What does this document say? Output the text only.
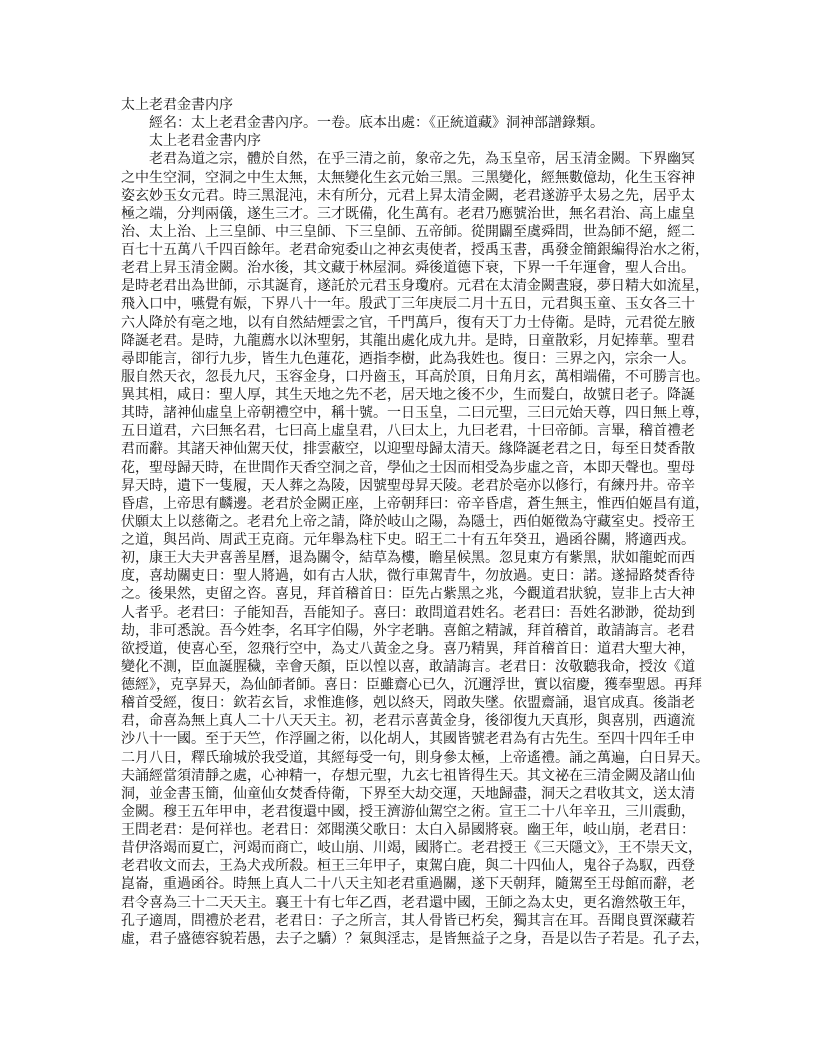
太上老君金書内序
經名：太上老君金書內序。一卷。底本出處：《正統道藏》洞神部譜錄類。
太上老君金書内序
老君為道之宗，體於自然，在乎三清之前，象帝之先，為玉皇帝，居玉清金闕。下界幽冥
之中生空洞，空洞之中生太無，太無變化生玄元始三黑。三黑變化，經無數億劫，化生玉容神
姿玄妙玉女元君。時三黑混沌，未有所分，元君上昇太清金闕，老君遂游乎太易之先，居乎太
極之端，分判兩儀，遂生三才。三才既備，化生萬有。老君乃應號治世，無名君治、高上虛皇
治、太上治、上三皇師、中三皇師、下三皇師、五帝師。從開闢至虞舜問，世為師不絕，經二
百七十五萬八千四百餘年。老君命宛委山之神玄夷使者，授禹玉書，禹發金簡銀編得治水之術，
老君上昇玉清金闕。治水後，其文藏于林屋洞。舜後道德下衰，下界一千年運會，聖人合出。
是時老君出為世師，示其誕育，遂託於元君玉身瓊府。元君在太清金闕晝寢，夢日精大如流星，
飛入口中，嚥覺有娠，下界八十一年。殷武丁三年庚辰二月十五日，元君與玉童、玉女各三十
六人降於有亳之地，以有自然結煙雲之官，千門萬戶，復有天丁力士侍衛。是時，元君從左腋
降誕老君。是時，九龍薦水以沐聖躬，其龍出處化成九井。是時，日童散彩，月妃捧華。聖君
尋即能言，卻行九步，皆生九色蓮花，迺指李樹，此為我姓也。復日：三界之內，宗余一人。
服自然天衣，忽長九尺，玉容金身，口丹齒玉，耳高於頂，日角月玄，萬相端備，不可勝言也。
異其相，咸日：聖人厚，其生天地之先不老，居天地之後不少，生而髮白，故號日老子。降誕
其時，諸神仙虛皇上帝朝禮空中，稱十號。一日玉皇，二曰元聖，三曰元始天尊，四日無上尊，
五日道君，六曰無名君，七曰高上虛皇君，八曰太上，九曰老君，十曰帝師。言畢，稽首禮老
君而辭。其諸天神仙駕天仗，排雲蔽空，以迎聖母歸太清天。緣降誕老君之日，每至日焚香散
花，聖母歸天時，在世間作天香空洞之音，學仙之士因而相受為步虛之音，本即天聲也。聖母
昇天時，遺下一隻履，天人葬之為陵，因號聖母昇天陵。老君於亳亦以修行，有練丹井。帝辛
昏虐，上帝思有麟邊。老君於金闕正座，上帝朝拜曰：帝辛昏虐，蒼生無主，惟西伯姬昌有道，
伏願太上以慈衛之。老君允上帝之請，降於岐山之陽，為隱士，西伯姬徵為守藏室史。授帝王
之道，與呂尚、周武王克商。元年舉為柱下史。昭王二十有五年癸丑，過函谷關，將適西戎。
初，康王大夫尹喜善星曆，退為關令，結草為樓，瞻星候黑。忽見東方有紫黑，狀如龍蛇而西
度，喜劫關吏日：聖人將過，如有古人狀，微行車駕青牛，勿放過。吏日：諾。遂掃路焚香待
之。後果然，吏留之咨。喜見，拜首稽首日：臣先占紫黑之兆，今觀道君狀貌，豈非上古大神
人者乎。老君曰：子能知吾，吾能知子。喜曰：敢問道君姓名。老君曰：吾姓名渺渺，從劫到
劫，非可悉說。吾今姓李，名耳字伯陽，外字老聃。喜館之精誠，拜首稽首，敢請誨言。老君
欲授道，使喜心至，忽飛行空中，為丈八黃金之身。喜乃精異，拜首稽首日：道君大聖大神，
變化不測，臣血誕腥穢，幸會天顏，臣以惶以喜，敢請誨言。老君日：汝敬聽我命，授汝《道
德經》，克享昇天，為仙師者師。喜日：臣雖齋心已久，沉邇浮世，實以宿慶，獲奉聖恩。再拜
稽首受經，復日：欽若玄旨，求惟進修，剋以終天，罔敢失墜。依盟齋誦，退官成真。後詣老
君，命喜為無上真人二十八天天主。初，老君示喜黃金身，後卻復九天真形，與喜別，西適流
沙八十一國。至于天竺，作浮圖之術，以化胡人，其國皆號老君為有古先生。至四十四年壬申
二月八日，釋氏瑜城於我受道，其經每受一句，則身參太極，上帝遙禮。誦之萬遍，白日昇天。
夫誦經當須清靜之處，心神精一，存想元聖，九玄七祖皆得生天。其文祕在三清金闕及諸山仙
洞，並金書玉簡，仙童仙女焚香侍衛，下界至大劫交運，天地歸盡，洞天之君收其文，送太清
金闕。穆王五年甲申，老君復還中國，授王濟游仙駕空之術。宣王二十八年辛丑，三川震動，
王問老君：是何祥也。老君日：郊聞漢父歌日：太白入昴國將衰。幽王年，岐山崩，老君日：
昔伊洛竭而夏亡，河竭而商亡，岐山崩、川竭，國將亡。老君授王《三天隱文》，王不崇天文，
老君收文而去，王為犬戎所殺。桓王三年甲子，東駕白鹿，與二十四仙人，鬼谷子為馭，西登
崑崙，重過函谷。時無上真人二十八天主知老君重過關，遂下天朝拜，隨駕至王母館而辭，老
君令喜為三十二天天主。襄王十有七年乙酉，老君還中國，王師之為太史，更名澹然敬王年，
孔子適周，問禮於老君，老君日：子之所言，其人骨皆已朽矣，獨其言在耳。吾聞良賈深藏若
虛，君子盛德容貌若愚，去子之驕）？氣與淫志，是皆無益子之身，吾是以告子若是。孔子去，
